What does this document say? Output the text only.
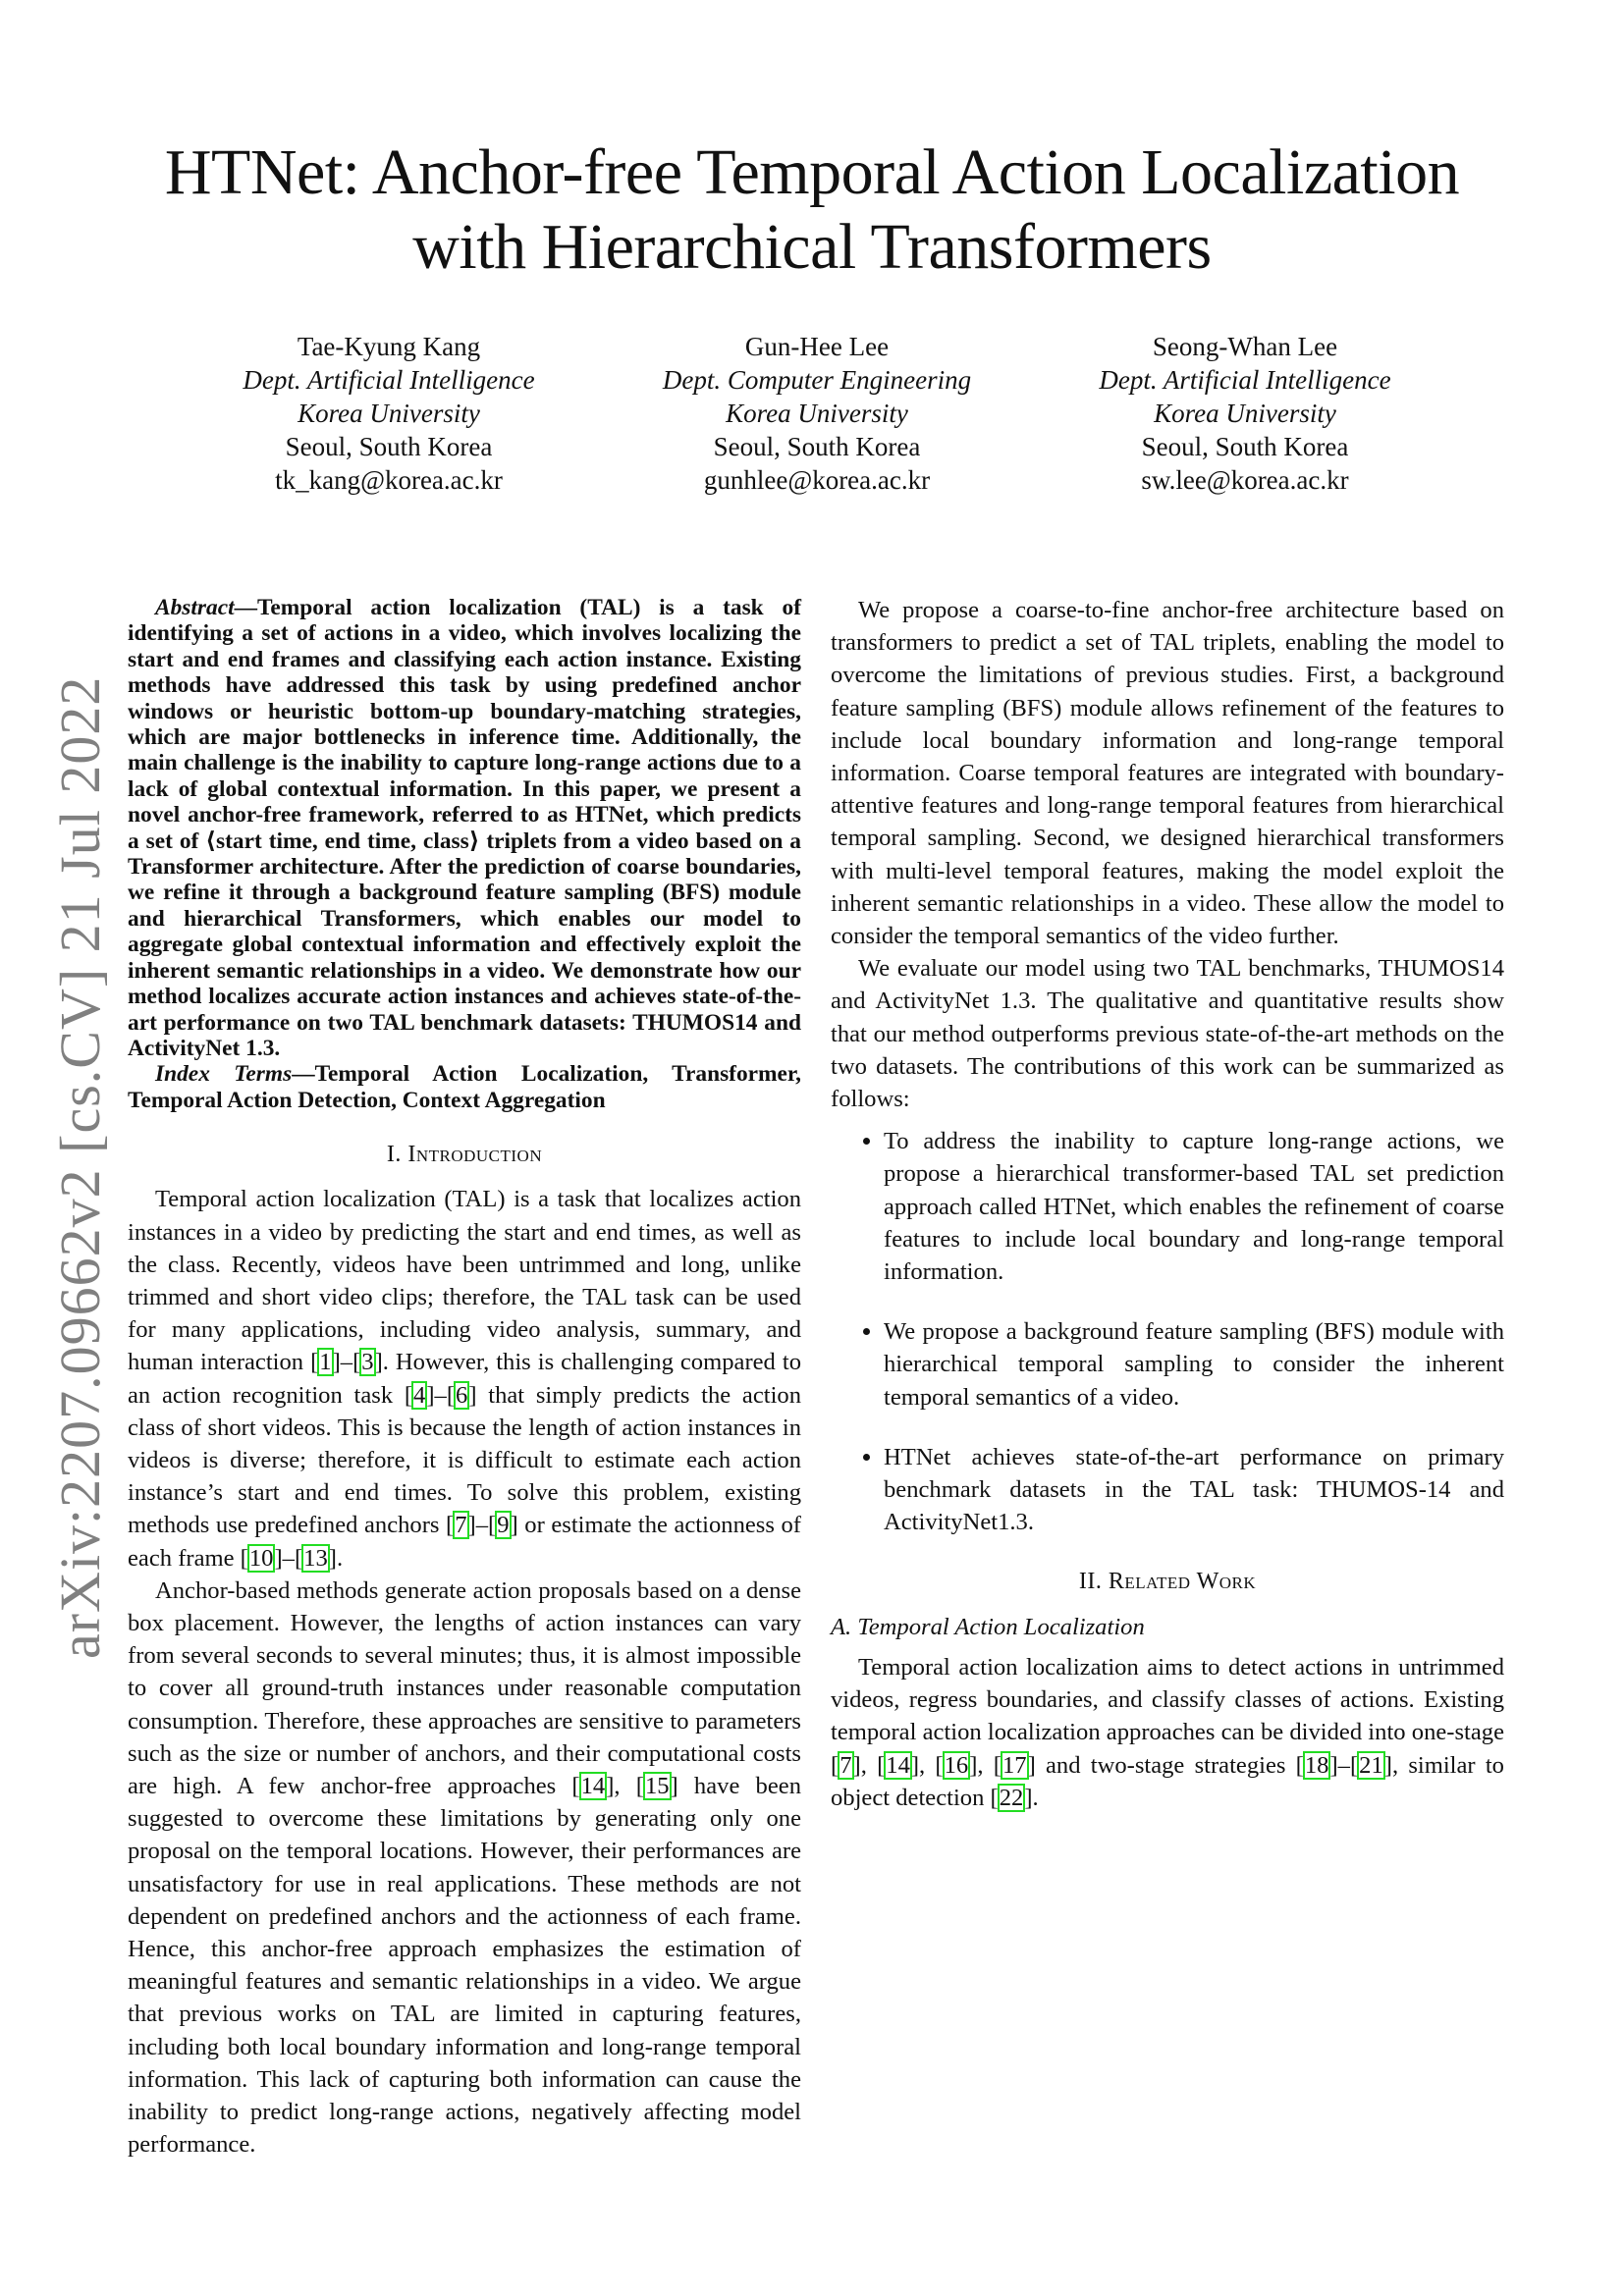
HTNet: Anchor-free Temporal Action Localization
with Hierarchical Transformers
Tae-Kyung Kang
Dept. Artificial Intelligence
Korea University
Seoul, South Korea
tk_kang@korea.ac.kr
Gun-Hee Lee
Dept. Computer Engineering
Korea University
Seoul, South Korea
gunhlee@korea.ac.kr
Seong-Whan Lee
Dept. Artificial Intelligence
Korea University
Seoul, South Korea
sw.lee@korea.ac.kr
arXiv:2207.09662v2 [cs.CV] 21 Jul 2022

Abstract—Temporal action localization (TAL) is a task of identifying a set of actions in a video, which involves localizing the start and end frames and classifying each action instance. Existing methods have addressed this task by using predefined anchor windows or heuristic bottom-up boundary-matching strategies, which are major bottlenecks in inference time. Additionally, the main challenge is the inability to capture long-range actions due to a lack of global contextual information. In this paper, we present a novel anchor-free framework, referred to as HTNet, which predicts a set of ⟨start time, end time, class⟩ triplets from a video based on a Transformer architecture. After the prediction of coarse boundaries, we refine it through a background feature sampling (BFS) module and hierarchical Transformers, which enables our model to aggregate global contextual information and effectively exploit the inherent semantic relationships in a video. We demonstrate how our method localizes accurate action instances and achieves state-of-the-art performance on two TAL benchmark datasets: THUMOS14 and ActivityNet 1.3.

Index Terms—Temporal Action Localization, Transformer, Temporal Action Detection, Context Aggregation

I. Introduction

Temporal action localization (TAL) is a task that localizes action instances in a video by predicting the start and end times, as well as the class. Recently, videos have been untrimmed and long, unlike trimmed and short video clips; therefore, the TAL task can be used for many applications, including video analysis, summary, and human interaction [1]–[3]. However, this is challenging compared to an action recognition task [4]–[6] that simply predicts the action class of short videos. This is because the length of action instances in videos is diverse; therefore, it is difficult to estimate each action instance’s start and end times. To solve this problem, existing methods use predefined anchors [7]–[9] or estimate the actionness of each frame [10]–[13].

Anchor-based methods generate action proposals based on a dense box placement. However, the lengths of action instances can vary from several seconds to several minutes; thus, it is almost impossible to cover all ground-truth instances under reasonable computation consumption. Therefore, these approaches are sensitive to parameters such as the size or number of anchors, and their computational costs are high. A few anchor-free approaches [14], [15] have been suggested to overcome these limitations by generating only one proposal on the temporal locations. However, their performances are unsatisfactory for use in real applications. These methods are not dependent on predefined anchors and the actionness of each frame. Hence, this anchor-free approach emphasizes the estimation of meaningful features and semantic relationships in a video. We argue that previous works on TAL are limited in capturing features, including both local boundary information and long-range temporal information. This lack of capturing both information can cause the inability to predict long-range actions, negatively affecting model performance.

We propose a coarse-to-fine anchor-free architecture based on transformers to predict a set of TAL triplets, enabling the model to overcome the limitations of previous studies. First, a background feature sampling (BFS) module allows refinement of the features to include local boundary information and long-range temporal information. Coarse temporal features are integrated with boundary-attentive features and long-range temporal features from hierarchical temporal sampling. Second, we designed hierarchical transformers with multi-level temporal features, making the model exploit the inherent semantic relationships in a video. These allow the model to consider the temporal semantics of the video further.

We evaluate our model using two TAL benchmarks, THUMOS14 and ActivityNet 1.3. The qualitative and quantitative results show that our method outperforms previous state-of-the-art methods on the two datasets. The contributions of this work can be summarized as follows:

• To address the inability to capture long-range actions, we propose a hierarchical transformer-based TAL set prediction approach called HTNet, which enables the refinement of coarse features to include local boundary and long-range temporal information.
• We propose a background feature sampling (BFS) module with hierarchical temporal sampling to consider the inherent temporal semantics of a video.
• HTNet achieves state-of-the-art performance on primary benchmark datasets in the TAL task: THUMOS-14 and ActivityNet1.3.
II. Related Work
A. Temporal Action Localization

Temporal action localization aims to detect actions in untrimmed videos, regress boundaries, and classify classes of actions. Existing temporal action localization approaches can be divided into one-stage [7], [14], [16], [17] and two-stage strategies [18]–[21], similar to object detection [22].
